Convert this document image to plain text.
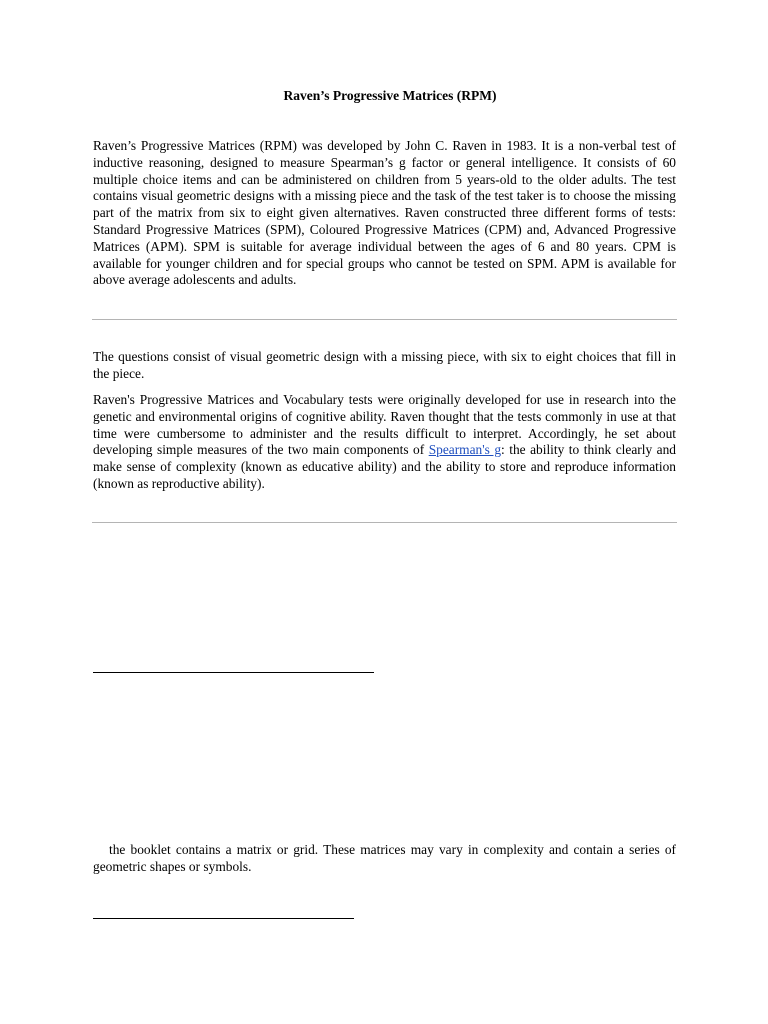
Raven’s Progressive Matrices (RPM)

Raven’s Progressive Matrices (RPM) was developed by John C. Raven in 1983. It is a non-verbal test of inductive reasoning, designed to measure Spearman’s g factor or general intelligence. It consists of 60 multiple choice items and can be administered on children from 5 years-old to the older adults. The test contains visual geometric designs with a missing piece and the task of the test taker is to choose the missing part of the matrix from six to eight given alternatives. Raven constructed three different forms of tests: Standard Progressive Matrices (SPM), Coloured Progressive Matrices (CPM) and, Advanced Progressive Matrices (APM). SPM is suitable for average individual between the ages of 6 and 80 years. CPM is available for younger children and for special groups who cannot be tested on SPM. APM is available for above average adolescents and adults.

The questions consist of visual geometric design with a missing piece, with six to eight choices that fill in the piece.

Raven's Progressive Matrices and Vocabulary tests were originally developed for use in research into the genetic and environmental origins of cognitive ability. Raven thought that the tests commonly in use at that time were cumbersome to administer and the results difficult to interpret. Accordingly, he set about developing simple measures of the two main components of Spearman's g: the ability to think clearly and make sense of complexity (known as educative ability) and the ability to store and reproduce information (known as reproductive ability).

the booklet contains a matrix or grid. These matrices may vary in complexity and contain a series of geometric shapes or symbols.
